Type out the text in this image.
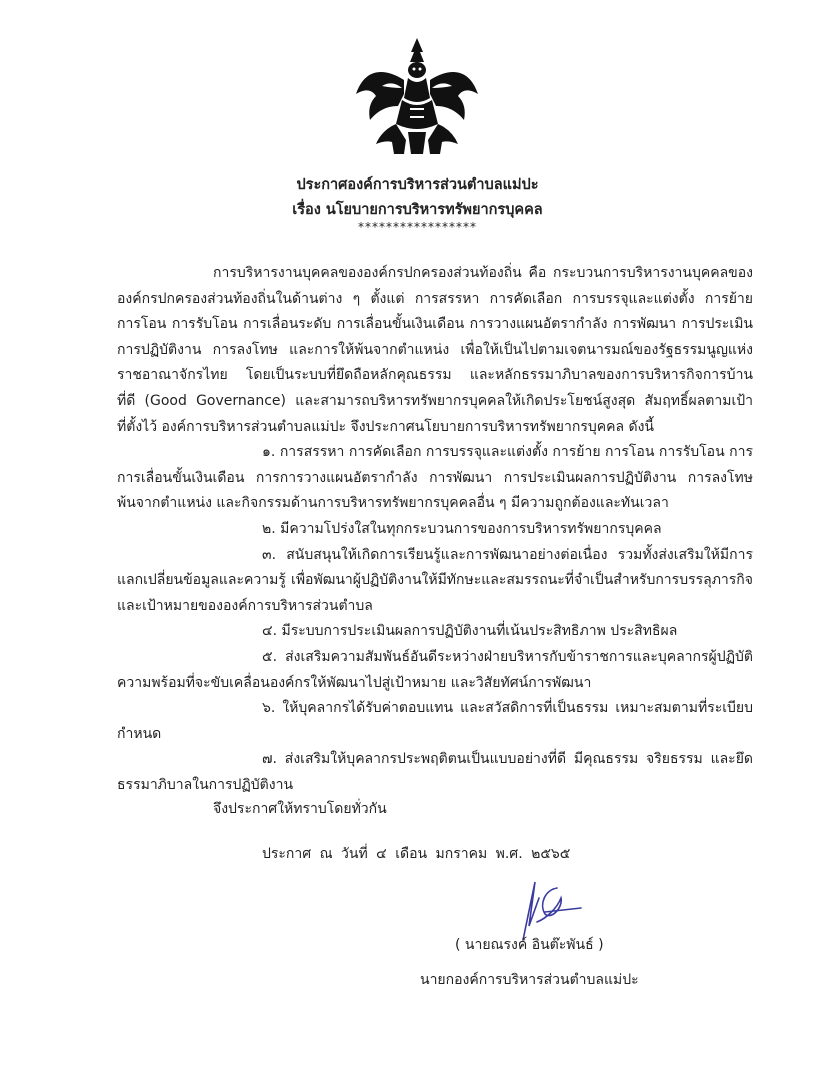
ประกาศองค์การบริหารส่วนตำบลแม่ปะ
เรื่อง นโยบายการบริหารทรัพยากรบุคคล
*****************
การบริหารงานบุคคลขององค์กรปกครองส่วนท้องถิ่น คือ กระบวนการบริหารงานบุคคลของ
องค์กรปกครองส่วนท้องถิ่นในด้านต่าง ๆ ตั้งแต่ การสรรหา การคัดเลือก การบรรจุและแต่งตั้ง การย้าย
การโอน การรับโอน การเลื่อนระดับ การเลื่อนขั้นเงินเดือน การวางแผนอัตรากำลัง การพัฒนา การประเมิน
การปฏิบัติงาน การลงโทษ และการให้พ้นจากตำแหน่ง เพื่อให้เป็นไปตามเจตนารมณ์ของรัฐธรรมนูญแห่ง
ราชอาณาจักรไทย โดยเป็นระบบที่ยึดถือหลักคุณธรรม และหลักธรรมาภิบาลของการบริหารกิจการบ้าน
ที่ดี (Good Governance) และสามารถบริหารทรัพยากรบุคคลให้เกิดประโยชน์สูงสุด สัมฤทธิ์ผลตามเป้า
ที่ตั้งไว้ องค์การบริหารส่วนตำบลแม่ปะ จึงประกาศนโยบายการบริหารทรัพยากรบุคคล ดังนี้
๑. การสรรหา การคัดเลือก การบรรจุและแต่งตั้ง การย้าย การโอน การรับโอน การ
การเลื่อนขั้นเงินเดือน การการวางแผนอัตรากำลัง การพัฒนา การประเมินผลการปฏิบัติงาน การลงโทษ
พ้นจากตำแหน่ง และกิจกรรมด้านการบริหารทรัพยากรบุคคลอื่น ๆ มีความถูกต้องและทันเวลา
๒. มีความโปร่งใสในทุกกระบวนการของการบริหารทรัพยากรบุคคล
๓. สนับสนุนให้เกิดการเรียนรู้และการพัฒนาอย่างต่อเนื่อง รวมทั้งส่งเสริมให้มีการ
แลกเปลี่ยนข้อมูลและความรู้ เพื่อพัฒนาผู้ปฏิบัติงานให้มีทักษะและสมรรถนะที่จำเป็นสำหรับการบรรลุภารกิจ
และเป้าหมายขององค์การบริหารส่วนตำบล
๔. มีระบบการประเมินผลการปฏิบัติงานที่เน้นประสิทธิภาพ ประสิทธิผล
๕. ส่งเสริมความสัมพันธ์อันดีระหว่างฝ่ายบริหารกับข้าราชการและบุคลากรผู้ปฏิบัติ
ความพร้อมที่จะขับเคลื่อนองค์กรให้พัฒนาไปสู่เป้าหมาย และวิสัยทัศน์การพัฒนา
๖. ให้บุคลากรได้รับค่าตอบแทน และสวัสดิการที่เป็นธรรม เหมาะสมตามที่ระเบียบ
กำหนด
๗. ส่งเสริมให้บุคลากรประพฤติตนเป็นแบบอย่างที่ดี มีคุณธรรม จริยธรรม และยึด
ธรรมาภิบาลในการปฏิบัติงาน
จึงประกาศให้ทราบโดยทั่วกัน
ประกาศ ณ วันที่ ๔ เดือน มกราคม พ.ศ. ๒๕๖๕
( นายณรงค์ อินต๊ะพันธ์ )
นายกองค์การบริหารส่วนตำบลแม่ปะ
